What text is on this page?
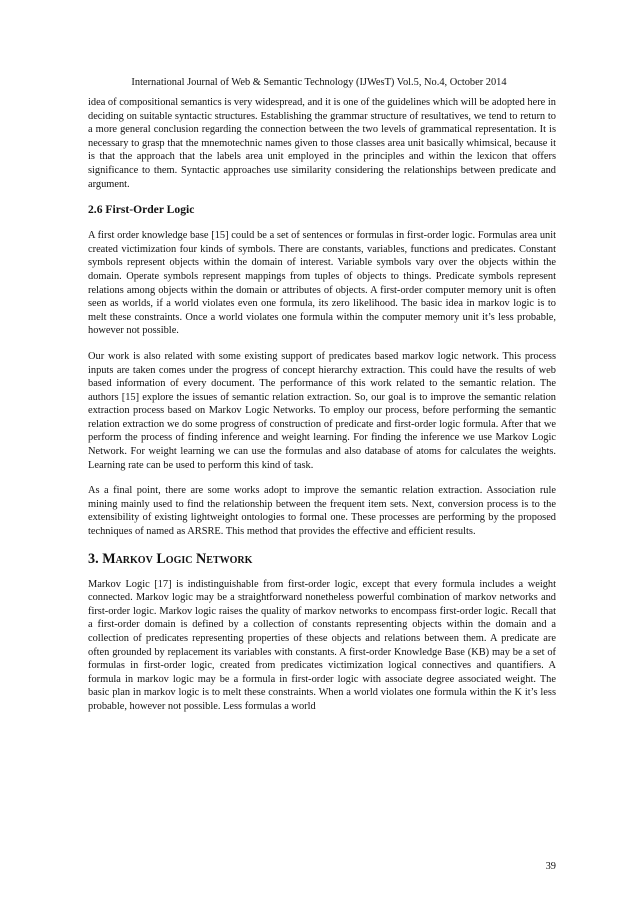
International Journal of Web & Semantic Technology (IJWesT) Vol.5, No.4, October 2014

idea of compositional semantics is very widespread, and it is one of the guidelines which will be adopted here in deciding on suitable syntactic structures. Establishing the grammar structure of resultatives, we tend to return to a more general conclusion regarding the connection between the two levels of grammatical representation. It is necessary to grasp that the mnemotechnic names given to those classes area unit basically whimsical, because it is that the approach that the labels area unit employed in the principles and within the lexicon that offers significance to them. Syntactic approaches use similarity considering the relationships between predicate and argument.

2.6 First-Order Logic

A first order knowledge base [15] could be a set of sentences or formulas in first-order logic. Formulas area unit created victimization four kinds of symbols. There are constants, variables, functions and predicates. Constant symbols represent objects within the domain of interest. Variable symbols vary over the objects within the domain. Operate symbols represent mappings from tuples of objects to things. Predicate symbols represent relations among objects within the domain or attributes of objects. A first-order computer memory unit is often seen as worlds, if a world violates even one formula, its zero likelihood. The basic idea in markov logic is to melt these constraints. Once a world violates one formula within the computer memory unit it’s less probable, however not possible.

Our work is also related with some existing support of predicates based markov logic network. This process inputs are taken comes under the progress of concept hierarchy extraction. This could have the results of web based information of every document. The performance of this work related to the semantic relation. The authors [15] explore the issues of semantic relation extraction. So, our goal is to improve the semantic relation extraction process based on Markov Logic Networks. To employ our process, before performing the semantic relation extraction we do some progress of construction of predicate and first-order logic formula. After that we perform the process of finding inference and weight learning. For finding the inference we use Markov Logic Network. For weight learning we can use the formulas and also database of atoms for calculates the weights. Learning rate can be used to perform this kind of task.

As a final point, there are some works adopt to improve the semantic relation extraction. Association rule mining mainly used to find the relationship between the frequent item sets. Next, conversion process is to the extensibility of existing lightweight ontologies to formal one. These processes are performing by the proposed techniques of named as ARSRE. This method that provides the effective and efficient results.

3. Markov Logic Network

Markov Logic [17] is indistinguishable from first-order logic, except that every formula includes a weight connected. Markov logic may be a straightforward nonetheless powerful combination of markov networks and first-order logic. Markov logic raises the quality of markov networks to encompass first-order logic. Recall that a first-order domain is defined by a collection of constants representing objects within the domain and a collection of predicates representing properties of these objects and relations between them. A predicate are often grounded by replacement its variables with constants. A first-order Knowledge Base (KB) may be a set of formulas in first-order logic, created from predicates victimization logical connectives and quantifiers. A formula in markov logic may be a formula in first-order logic with associate degree associated weight. The basic plan in markov logic is to melt these constraints. When a world violates one formula within the K it’s less probable, however not possible. Less formulas a world

39
